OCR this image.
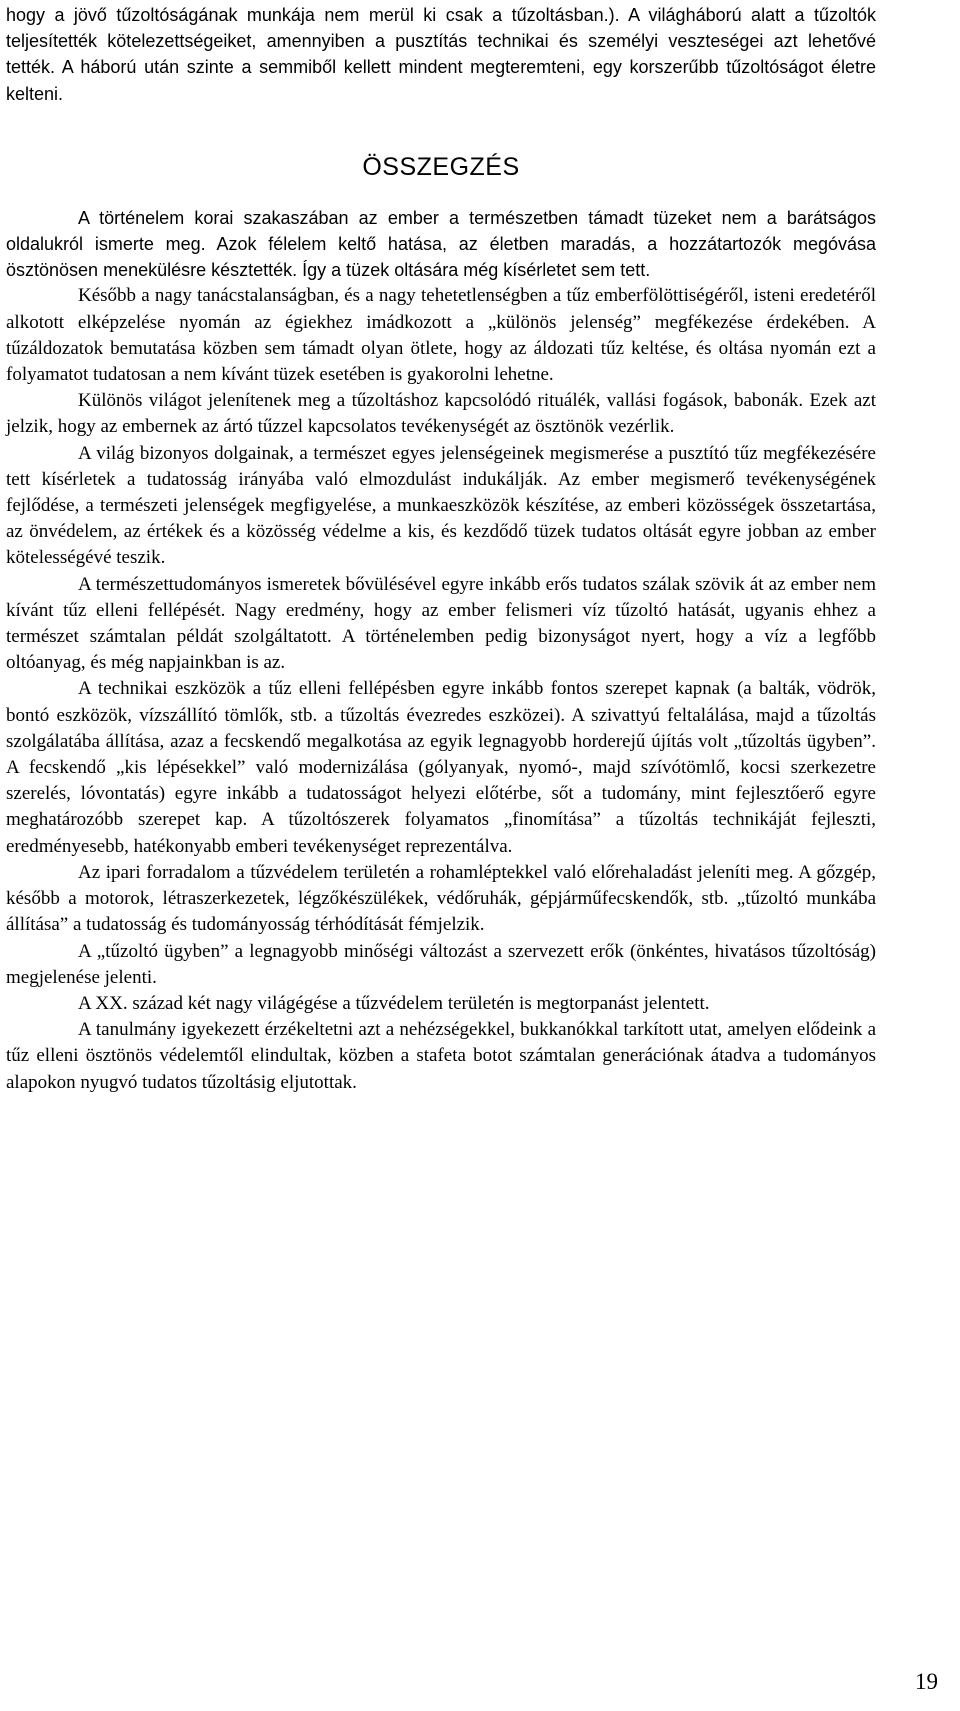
hogy a jövő tűzoltóságának munkája nem merül ki csak a tűzoltásban.). A világháború alatt a tűzoltók teljesítették kötelezettségeiket, amennyiben a pusztítás technikai és személyi veszteségei azt lehetővé tették. A háború után szinte a semmiből kellett mindent megteremteni, egy korszerűbb tűzoltóságot életre kelteni.

ÖSSZEGZÉS

A történelem korai szakaszában az ember a természetben támadt tüzeket nem a barátságos oldalukról ismerte meg. Azok félelem keltő hatása, az életben maradás, a hozzátartozók megóvása ösztönösen menekülésre késztették. Így a tüzek oltására még kísérletet sem tett.

Később a nagy tanácstalanságban, és a nagy tehetetlenségben a tűz emberfölöttiségéről, isteni eredetéről alkotott elképzelése nyomán az égiekhez imádkozott a „különös jelenség” megfékezése érdekében. A tűzáldozatok bemutatása közben sem támadt olyan ötlete, hogy az áldozati tűz keltése, és oltása nyomán ezt a folyamatot tudatosan a nem kívánt tüzek esetében is gyakorolni lehetne.

Különös világot jelenítenek meg a tűzoltáshoz kapcsolódó rituálék, vallási fogások, babonák. Ezek azt jelzik, hogy az embernek az ártó tűzzel kapcsolatos tevékenységét az ösztönök vezérlik.

A világ bizonyos dolgainak, a természet egyes jelenségeinek megismerése a pusztító tűz megfékezésére tett kísérletek a tudatosság irányába való elmozdulást indukálják. Az ember megismerő tevékenységének fejlődése, a természeti jelenségek megfigyelése, a munkaeszközök készítése, az emberi közösségek összetartása, az önvédelem, az értékek és a közösség védelme a kis, és kezdődő tüzek tudatos oltását egyre jobban az ember kötelességévé teszik.

A természettudományos ismeretek bővülésével egyre inkább erős tudatos szálak szövik át az ember nem kívánt tűz elleni fellépését. Nagy eredmény, hogy az ember felismeri víz tűzoltó hatását, ugyanis ehhez a természet számtalan példát szolgáltatott. A történelemben pedig bizonyságot nyert, hogy a víz a legfőbb oltóanyag, és még napjainkban is az.

A technikai eszközök a tűz elleni fellépésben egyre inkább fontos szerepet kapnak (a balták, vödrök, bontó eszközök, vízszállító tömlők, stb. a tűzoltás évezredes eszközei). A szivattyú feltalálása, majd a tűzoltás szolgálatába állítása, azaz a fecskendő megalkotása az egyik legnagyobb horderejű újítás volt „tűzoltás ügyben”. A fecskendő „kis lépésekkel” való modernizálása (gólyanyak, nyomó-, majd szívótömlő, kocsi szerkezetre szerelés, lóvontatás) egyre inkább a tudatosságot helyezi előtérbe, sőt a tudomány, mint fejlesztőerő egyre meghatározóbb szerepet kap. A tűzoltószerek folyamatos „finomítása” a tűzoltás technikáját fejleszti, eredményesebb, hatékonyabb emberi tevékenységet reprezentálva.

Az ipari forradalom a tűzvédelem területén a rohamléptekkel való előrehaladást jeleníti meg. A gőzgép, később a motorok, létraszerkezetek, légzőkészülékek, védőruhák, gépjárműfecskendők, stb. „tűzoltó munkába állítása” a tudatosság és tudományosság térhódítását fémjelzik.

A „tűzoltó ügyben” a legnagyobb minőségi változást a szervezett erők (önkéntes, hivatásos tűzoltóság) megjelenése jelenti.

A XX. század két nagy világégése a tűzvédelem területén is megtorpanást jelentett.

A tanulmány igyekezett érzékeltetni azt a nehézségekkel, bukkanókkal tarkított utat, amelyen elődeink a tűz elleni ösztönös védelemtől elindultak, közben a stafeta botot számtalan generációnak átadva a tudományos alapokon nyugvó tudatos tűzoltásig eljutottak.

19
